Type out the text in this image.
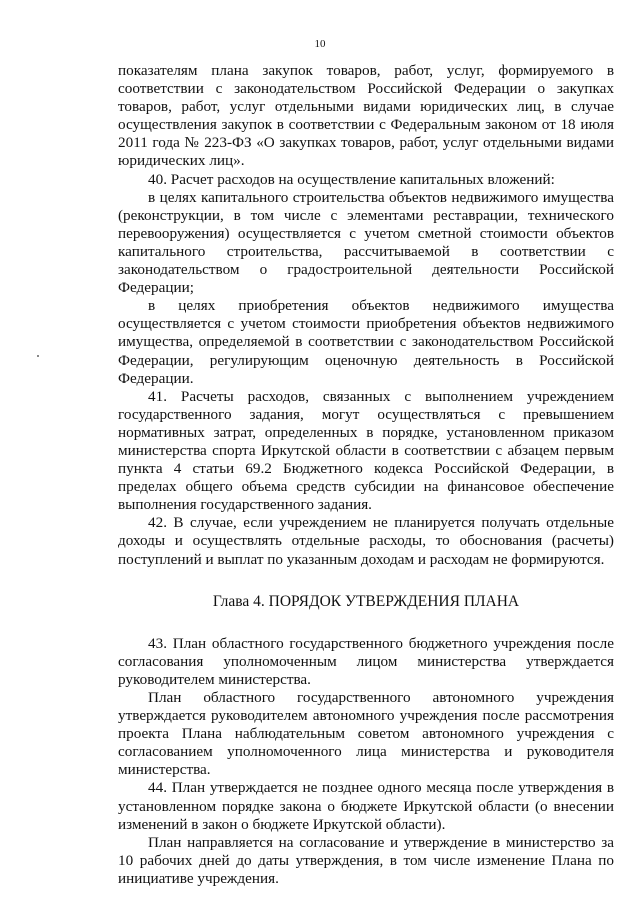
10

показателям плана закупок товаров, работ, услуг, формируемого в соответствии с законодательством Российской Федерации о закупках товаров, работ, услуг отдельными видами юридических лиц, в случае осуществления закупок в соответствии с Федеральным законом от 18 июля 2011 года № 223-ФЗ «О закупках товаров, работ, услуг отдельными видами юридических лиц».

40. Расчет расходов на осуществление капитальных вложений:

в целях капитального строительства объектов недвижимого имущества (реконструкции, в том числе с элементами реставрации, технического перевооружения) осуществляется с учетом сметной стоимости объектов капитального строительства, рассчитываемой в соответствии с законодательством о градостроительной деятельности Российской Федерации;

в целях приобретения объектов недвижимого имущества осуществляется с учетом стоимости приобретения объектов недвижимого имущества, определяемой в соответствии с законодательством Российской Федерации, регулирующим оценочную деятельность в Российской Федерации.

41. Расчеты расходов, связанных с выполнением учреждением государственного задания, могут осуществляться с превышением нормативных затрат, определенных в порядке, установленном приказом министерства спорта Иркутской области в соответствии с абзацем первым пункта 4 статьи 69.2 Бюджетного кодекса Российской Федерации, в пределах общего объема средств субсидии на финансовое обеспечение выполнения государственного задания.

42. В случае, если учреждением не планируется получать отдельные доходы и осуществлять отдельные расходы, то обоснования (расчеты) поступлений и выплат по указанным доходам и расходам не формируются.

Глава 4. ПОРЯДОК УТВЕРЖДЕНИЯ ПЛАНА

43. План областного государственного бюджетного учреждения после согласования уполномоченным лицом министерства утверждается руководителем министерства.

План областного государственного автономного учреждения утверждается руководителем автономного учреждения после рассмотрения проекта Плана наблюдательным советом автономного учреждения с согласованием уполномоченного лица министерства и руководителя министерства.

44. План утверждается не позднее одного месяца после утверждения в установленном порядке закона о бюджете Иркутской области (о внесении изменений в закон о бюджете Иркутской области).

План направляется на согласование и утверждение в министерство за 10 рабочих дней до даты утверждения, в том числе изменение Плана по инициативе учреждения.
